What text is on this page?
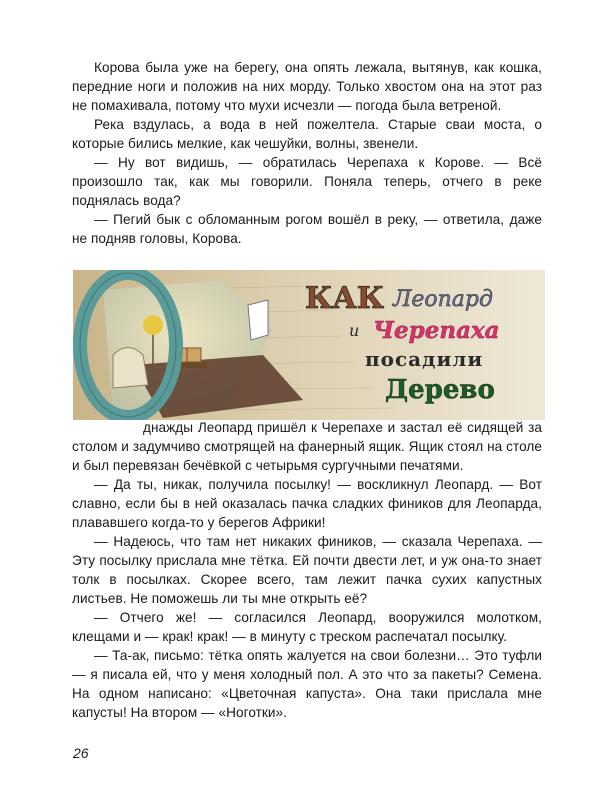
Корова была уже на берегу, она опять лежала, вытянув, как кошка, передние ноги и положив на них морду. Только хвостом она на этот раз не помахивала, потому что мухи исчезли — погода была ветреной.

Река вздулась, а вода в ней пожелтела. Старые сваи моста, о которые бились мелкие, как чешуйки, волны, звенели.

— Ну вот видишь, — обратилась Черепаха к Корове. — Всё произошло так, как мы говорили. Поняла теперь, отчего в реке поднялась вода?

— Пегий бык с обломанным рогом вошёл в реку, — ответила, даже не подняв головы, Корова.

КАК Леопард
и Черепаха
посадили
Дерево

днажды Леопард пришёл к Черепахе и застал её сидящей за столом и задумчиво смотрящей на фанерный ящик. Ящик стоял на столе и был перевязан бечёвкой с четырьмя сургучными печатями.

— Да ты, никак, получила посылку! — воскликнул Леопард. — Вот славно, если бы в ней оказалась пачка сладких фиников для Леопарда, плававшего когда-то у берегов Африки!

— Надеюсь, что там нет никаких фиников, — сказала Черепаха. — Эту посылку прислала мне тётка. Ей почти двести лет, и уж она-то знает толк в посылках. Скорее всего, там лежит пачка сухих капустных листьев. Не поможешь ли ты мне открыть её?

— Отчего же! — согласился Леопард, вооружился молотком, клещами и — крак! крак! — в минуту с треском распечатал посылку.

— Та-ак, письмо: тётка опять жалуется на свои болезни… Это туфли — я писала ей, что у меня холодный пол. А это что за пакеты? Семена. На одном написано: «Цветочная капуста». Она таки прислала мне капусты! На втором — «Ноготки».

26
